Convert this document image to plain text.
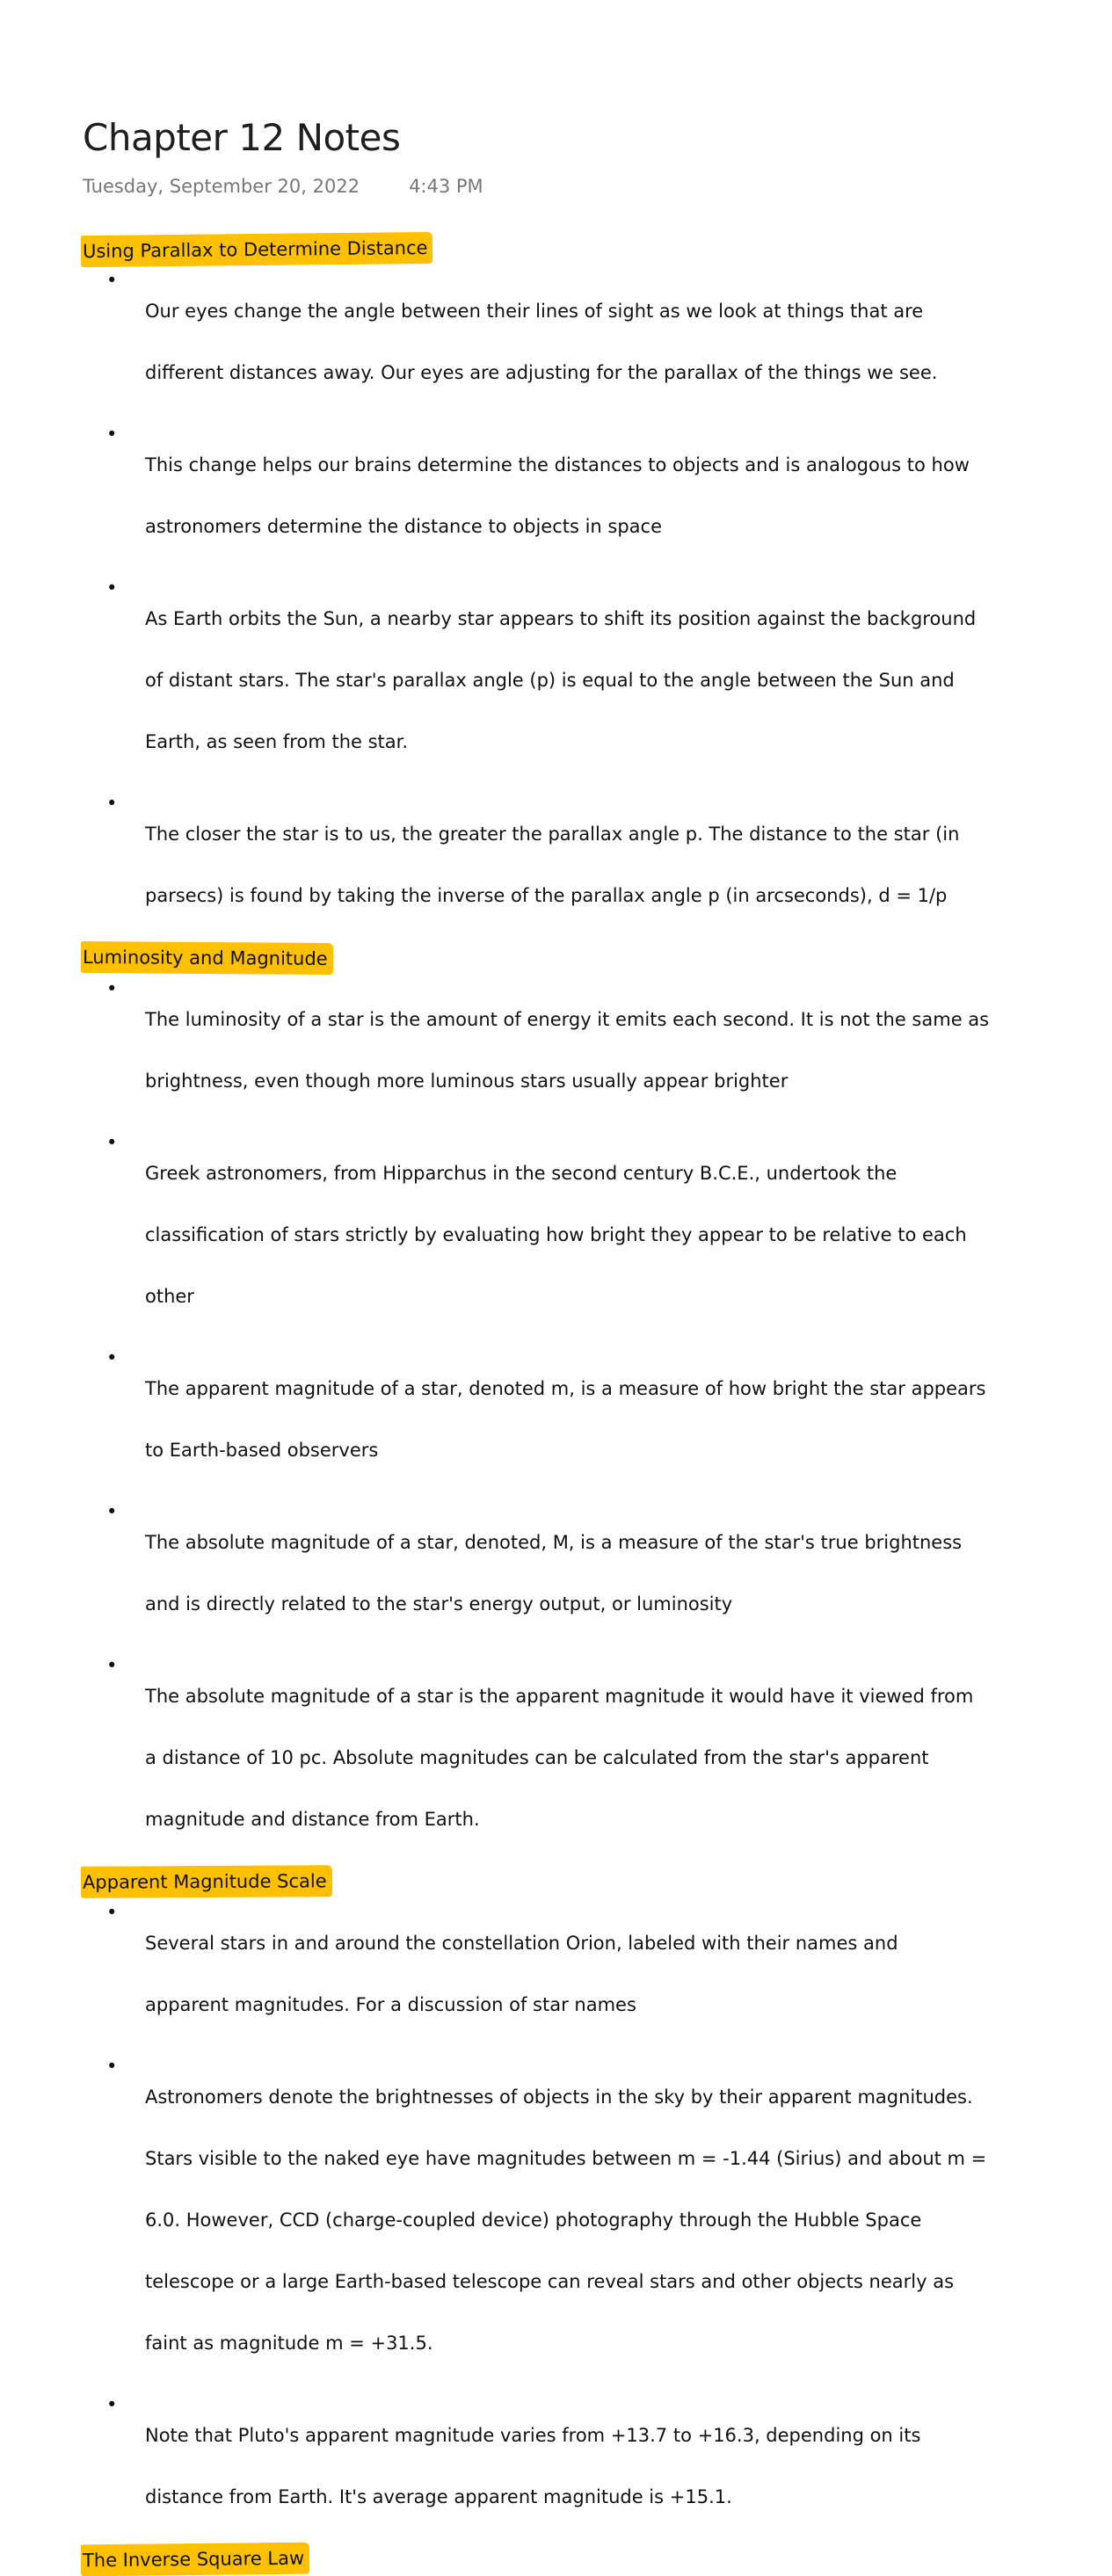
Chapter 12 Notes
Tuesday, September 20, 2022	4:43 PM
Using Parallax to Determine Distance

• Our eyes change the angle between their lines of sight as we look at things that are

different distances away. Our eyes are adjusting for the parallax of the things we see.

• This change helps our brains determine the distances to objects and is analogous to how

astronomers determine the distance to objects in space

• As Earth orbits the Sun, a nearby star appears to shift its position against the background

of distant stars. The star's parallax angle (p) is equal to the angle between the Sun and

Earth, as seen from the star.

• The closer the star is to us, the greater the parallax angle p. The distance to the star (in

parsecs) is found by taking the inverse of the parallax angle p (in arcseconds), d = 1/p

Luminosity and Magnitude

• The luminosity of a star is the amount of energy it emits each second. It is not the same as

brightness, even though more luminous stars usually appear brighter

• Greek astronomers, from Hipparchus in the second century B.C.E., undertook the

classification of stars strictly by evaluating how bright they appear to be relative to each

other

• The apparent magnitude of a star, denoted m, is a measure of how bright the star appears

to Earth-based observers

• The absolute magnitude of a star, denoted, M, is a measure of the star's true brightness

and is directly related to the star's energy output, or luminosity

• The absolute magnitude of a star is the apparent magnitude it would have it viewed from

a distance of 10 pc. Absolute magnitudes can be calculated from the star's apparent

magnitude and distance from Earth.

Apparent Magnitude Scale

• Several stars in and around the constellation Orion, labeled with their names and

apparent magnitudes. For a discussion of star names

• Astronomers denote the brightnesses of objects in the sky by their apparent magnitudes.

Stars visible to the naked eye have magnitudes between m = -1.44 (Sirius) and about m =

6.0. However, CCD (charge-coupled device) photography through the Hubble Space

telescope or a large Earth-based telescope can reveal stars and other objects nearly as

faint as magnitude m = +31.5.

• Note that Pluto's apparent magnitude varies from +13.7 to +16.3, depending on its

distance from Earth. It's average apparent magnitude is +15.1.

The Inverse Square Law
